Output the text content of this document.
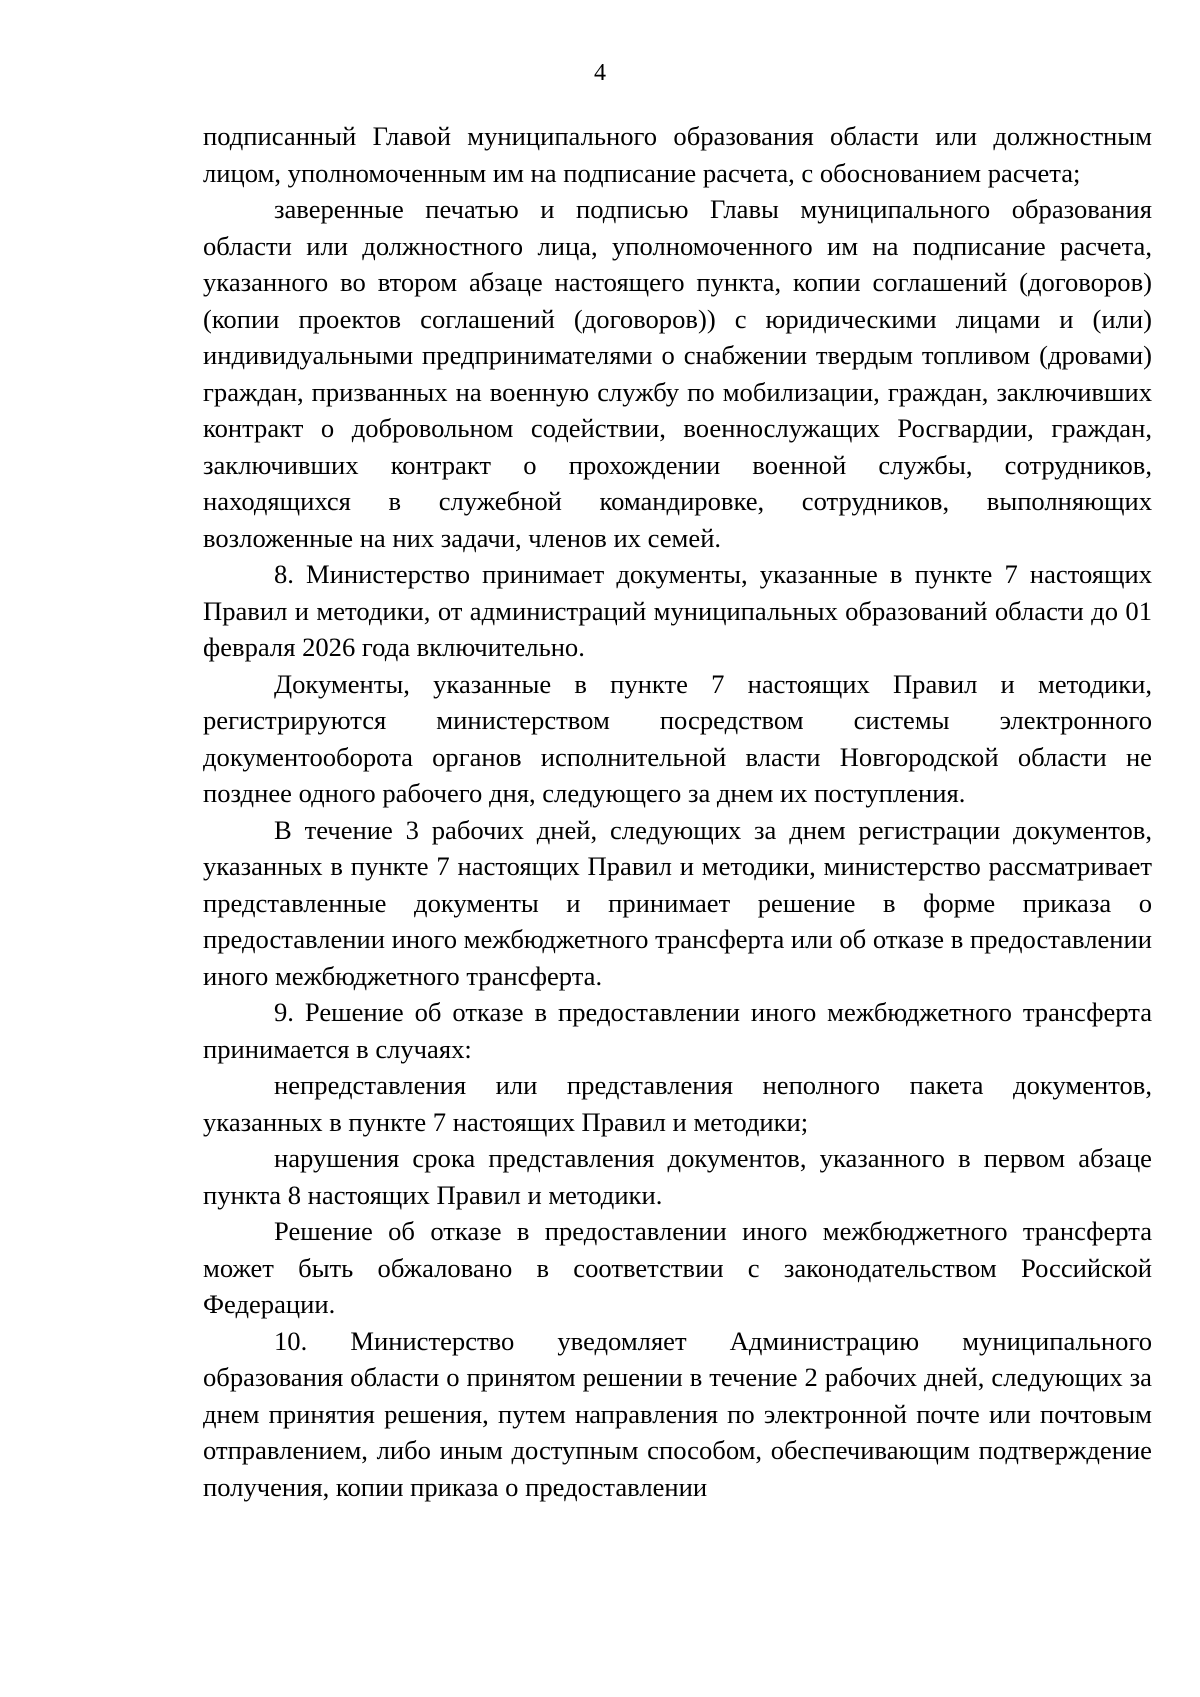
4

подписанный Главой муниципального образования области или должностным лицом, уполномоченным им на подписание расчета, с обоснованием расчета;

заверенные печатью и подписью Главы муниципального образования области или должностного лица, уполномоченного им на подписание расчета, указанного во втором абзаце настоящего пункта, копии соглашений (договоров) (копии проектов соглашений (договоров)) с юридическими лицами и (или) индивидуальными предпринимателями о снабжении твердым топливом (дровами) граждан, призванных на военную службу по мобилизации, граждан, заключивших контракт о добровольном содействии, военнослужащих Росгвардии, граждан, заключивших контракт о прохождении военной службы, сотрудников, находящихся в служебной командировке, сотрудников, выполняющих возложенные на них задачи, членов их семей.

8. Министерство принимает документы, указанные в пункте 7 настоящих Правил и методики, от администраций муниципальных образований области до 01 февраля 2026 года включительно.

Документы, указанные в пункте 7 настоящих Правил и методики, регистрируются министерством посредством системы электронного документооборота органов исполнительной власти Новгородской области не позднее одного рабочего дня, следующего за днем их поступления.

В течение 3 рабочих дней, следующих за днем регистрации документов, указанных в пункте 7 настоящих Правил и методики, министерство рассматривает представленные документы и принимает решение в форме приказа о предоставлении иного межбюджетного трансферта или об отказе в предоставлении иного межбюджетного трансферта.

9. Решение об отказе в предоставлении иного межбюджетного трансферта принимается в случаях:

непредставления или представления неполного пакета документов, указанных в пункте 7 настоящих Правил и методики;

нарушения срока представления документов, указанного в первом абзаце пункта 8 настоящих Правил и методики.

Решение об отказе в предоставлении иного межбюджетного трансферта может быть обжаловано в соответствии с законодательством Российской Федерации.

10. Министерство уведомляет Администрацию муниципального образования области о принятом решении в течение 2 рабочих дней, следующих за днем принятия решения, путем направления по электронной почте или почтовым отправлением, либо иным доступным способом, обеспечивающим подтверждение получения, копии приказа о предоставлении
